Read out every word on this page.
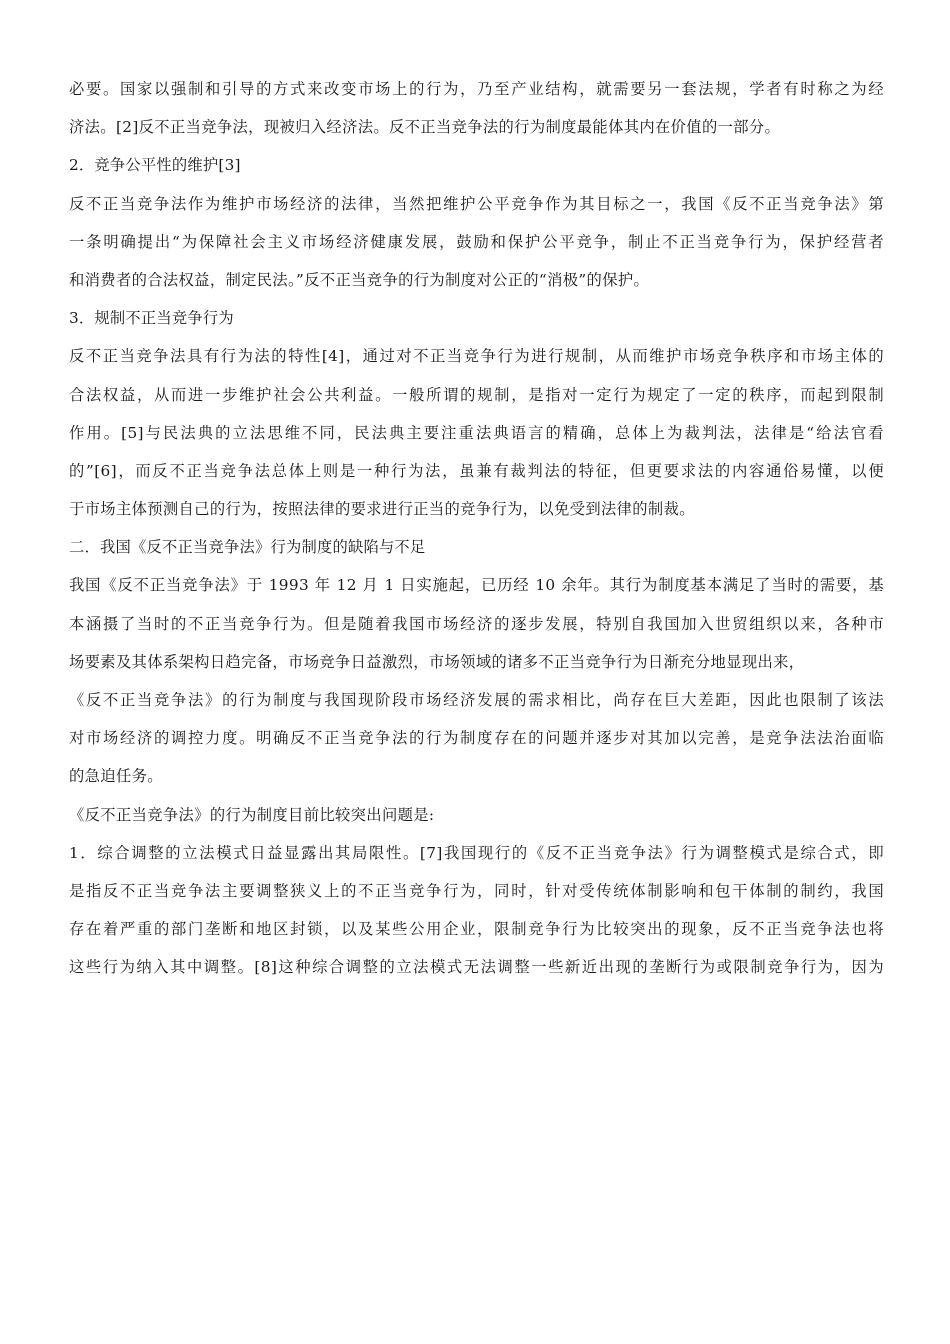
必要。国家以强制和引导的方式来改变市场上的行为，乃至产业结构，就需要另一套法规，学者有时称之为经
济法。[2]反不正当竞争法，现被归入经济法。反不正当竞争法的行为制度最能体其内在价值的一部分。
2．竞争公平性的维护[3]
反不正当竞争法作为维护市场经济的法律，当然把维护公平竞争作为其目标之一，我国《反不正当竞争法》第
一条明确提出“为保障社会主义市场经济健康发展，鼓励和保护公平竞争，制止不正当竞争行为，保护经营者
和消费者的合法权益，制定民法。”反不正当竞争的行为制度对公正的“消极”的保护。
3．规制不正当竞争行为
反不正当竞争法具有行为法的特性[4]，通过对不正当竞争行为进行规制，从而维护市场竞争秩序和市场主体的
合法权益，从而进一步维护社会公共利益。一般所谓的规制，是指对一定行为规定了一定的秩序，而起到限制
作用。[5]与民法典的立法思维不同，民法典主要注重法典语言的精确，总体上为裁判法，法律是“给法官看
的”[6]，而反不正当竞争法总体上则是一种行为法，虽兼有裁判法的特征，但更要求法的内容通俗易懂，以便
于市场主体预测自己的行为，按照法律的要求进行正当的竞争行为，以免受到法律的制裁。
二．我国《反不正当竞争法》行为制度的缺陷与不足
我国《反不正当竞争法》于 1993 年 12 月 1 日实施起，已历经 10 余年。其行为制度基本满足了当时的需要，基
本涵摄了当时的不正当竞争行为。但是随着我国市场经济的逐步发展，特别自我国加入世贸组织以来，各种市
场要素及其体系架构日趋完备，市场竞争日益激烈，市场领域的诸多不正当竞争行为日渐充分地显现出来，
《反不正当竞争法》的行为制度与我国现阶段市场经济发展的需求相比，尚存在巨大差距，因此也限制了该法
对市场经济的调控力度。明确反不正当竞争法的行为制度存在的问题并逐步对其加以完善，是竞争法法治面临
的急迫任务。
《反不正当竞争法》的行为制度目前比较突出问题是:
1．综合调整的立法模式日益显露出其局限性。[7]我国现行的《反不正当竞争法》行为调整模式是综合式，即
是指反不正当竞争法主要调整狭义上的不正当竞争行为，同时，针对受传统体制影响和包干体制的制约，我国
存在着严重的部门垄断和地区封锁，以及某些公用企业，限制竞争行为比较突出的现象，反不正当竞争法也将
这些行为纳入其中调整。[8]这种综合调整的立法模式无法调整一些新近出现的垄断行为或限制竞争行为，因为
